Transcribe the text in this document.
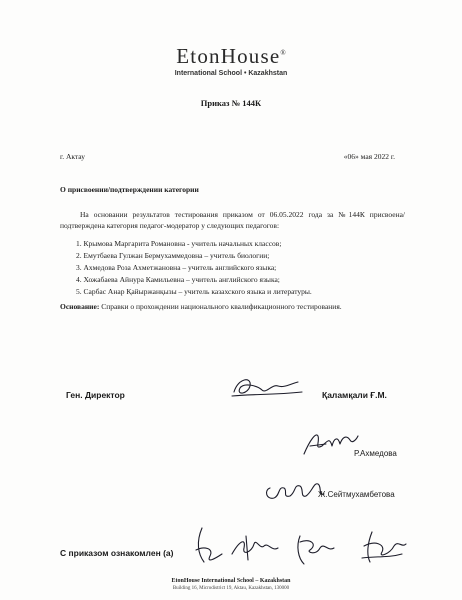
EtonHouse®
International School • Kazakhstan
Приказ № 144К
г. Актау	«06» мая 2022 г.
О присвоении/подтверждении категории
На основании результатов тестирования приказом от 06.05.2022 года за №144К присвоена/подтверждена категория педагог-модератор у следующих педагогов:
1. Крымова Маргарита Романовна - учитель начальных классов;
2. Емутбаева Гулжан Бермухаммедовна – учитель биологии;
3. Ахмедова Роза Ахметжановна – учитель английского языка;
4. Хожабаева Айнура Камильевна – учитель английского языка;
5. Сарбас Анар Қайыржанқызы – учитель казахского языка и литературы.
Основание: Справки о прохождении национального квалификационного тестирования.
Ген. Директор	Қаламқали Ғ.М.
Р.Ахмедова
Ж.Сейтмухамбетова
С приказом ознакомлен (а)
EtonHouse International School – Kazakhstan
Building 16, Microdistrict 19, Aktau, Kazakhstan, 130000
